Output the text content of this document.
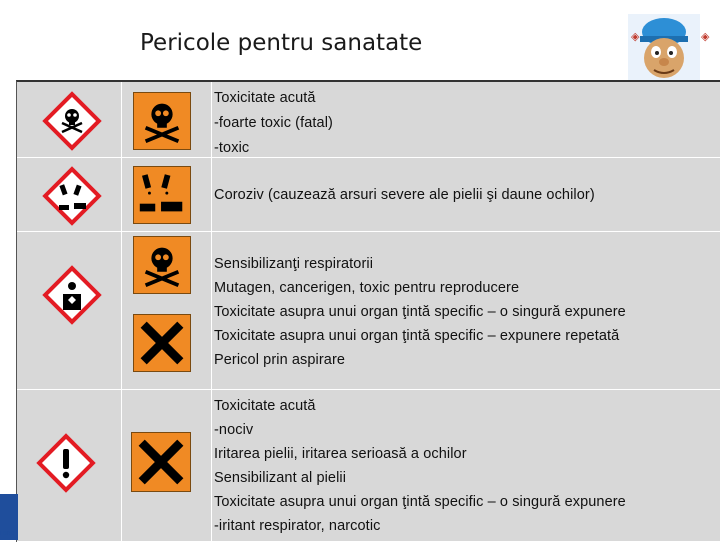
Pericole pentru sanatate	◈	◈
Toxicitate acută
-foarte toxic (fatal)
-toxic
Coroziv (cauzează arsuri severe ale pielii şi daune ochilor)
Sensibilizanţi respiratorii
Mutagen, cancerigen, toxic pentru reproducere
Toxicitate asupra unui organ ţintă specific – o singură expunere
Toxicitate asupra unui organ ţintă specific – expunere repetată
Pericol prin aspirare
Toxicitate acută
-nociv
Iritarea pielii, iritarea serioasă a ochilor
Sensibilizant al pielii
Toxicitate asupra unui organ ţintă specific – o singură expunere
-iritant respirator, narcotic
EURO
